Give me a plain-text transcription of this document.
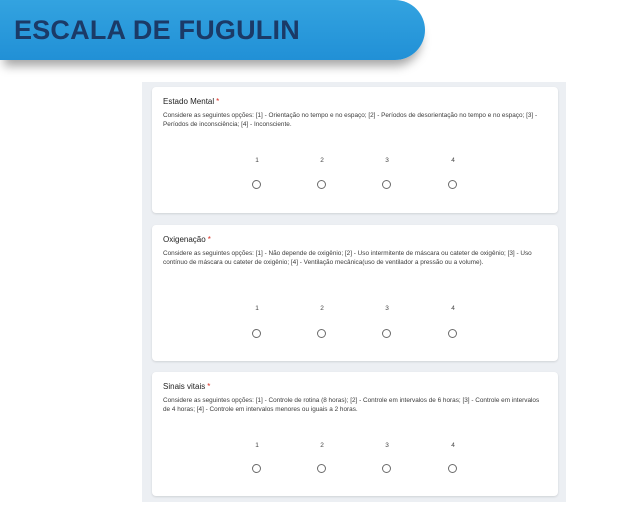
ESCALA DE FUGULIN
Estado Mental *
Considere as seguintes opções: [1] - Orientação no tempo e no espaço; [2] - Períodos de desorientação no tempo e no espaço; [3] - Períodos de inconsciência; [4] - Inconsciente.
1	2	3	4
Oxigenação *
Considere as seguintes opções: [1] - Não depende de oxigênio; [2] - Uso intermitente de máscara ou cateter de oxigênio; [3] - Uso contínuo de máscara ou cateter de oxigênio; [4] - Ventilação mecânica(uso de ventilador a pressão ou a volume).
1	2	3	4
Sinais vitais *
Considere as seguintes opções: [1] - Controle de rotina (8 horas); [2] - Controle em intervalos de 6 horas; [3] - Controle em intervalos de 4 horas; [4] - Controle em intervalos menores ou iguais a 2 horas.
1	2	3	4
